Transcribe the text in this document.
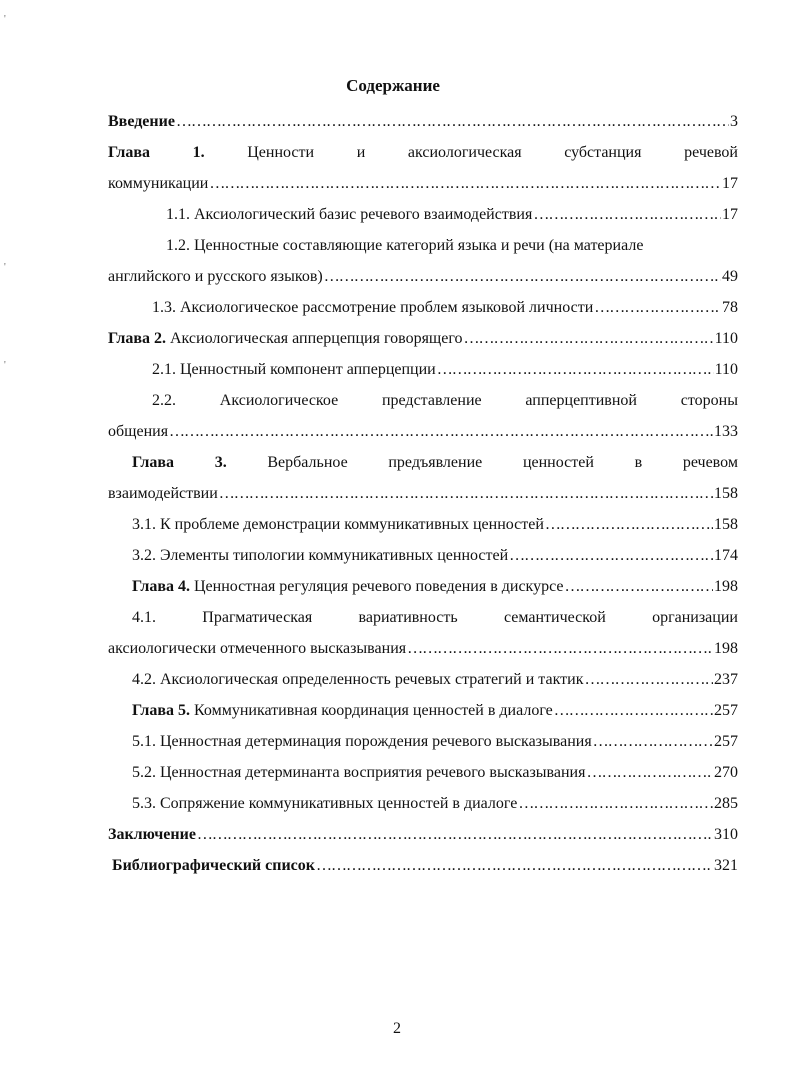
Содержание
Введение ……………………………………………………………………………………………………………………………………………………………………………………	3
Глава	1.	Ценности	и	аксиологическая	субстанция	речевой
коммуникации ……………………………………………………………………………………………………………………………………………………………………………………	17
1.1. Аксиологический базис речевого взаимодействия ……………………………………………………………………………………………………………………………………………………………………………………	17
1.2. Ценностные составляющие категорий языка и речи (на материале
английского и русского языков) ……………………………………………………………………………………………………………………………………………………………………………………	49
1.3. Аксиологическое рассмотрение проблем языковой личности ……………………………………………………………………………………………………………………………………………………………………………………	78
Глава 2. Аксиологическая апперцепция говорящего ……………………………………………………………………………………………………………………………………………………………………………………	110
2.1. Ценностный компонент апперцепции ……………………………………………………………………………………………………………………………………………………………………………………	110
2.2.	Аксиологическое	представление	апперцептивной	стороны
общения ……………………………………………………………………………………………………………………………………………………………………………………	133
Глава	3.	Вербальное	предъявление	ценностей	в	речевом
взаимодействии ……………………………………………………………………………………………………………………………………………………………………………………	158
3.1. К проблеме демонстрации коммуникативных ценностей ……………………………………………………………………………………………………………………………………………………………………………………	158
3.2. Элементы типологии коммуникативных ценностей ……………………………………………………………………………………………………………………………………………………………………………………	174
Глава 4. Ценностная регуляция речевого поведения в дискурсе ……………………………………………………………………………………………………………………………………………………………………………………	198
4.1.	Прагматическая	вариативность	семантической	организации
аксиологически отмеченного высказывания ……………………………………………………………………………………………………………………………………………………………………………………	198
4.2. Аксиологическая определенность речевых стратегий и тактик ……………………………………………………………………………………………………………………………………………………………………………………	237
Глава 5. Коммуникативная координация ценностей в диалоге ……………………………………………………………………………………………………………………………………………………………………………………	257
5.1. Ценностная детерминация порождения речевого высказывания ……………………………………………………………………………………………………………………………………………………………………………………	257
5.2. Ценностная детерминанта восприятия речевого высказывания ……………………………………………………………………………………………………………………………………………………………………………………	270
5.3. Сопряжение коммуникативных ценностей в диалоге ……………………………………………………………………………………………………………………………………………………………………………………	285
Заключение ……………………………………………………………………………………………………………………………………………………………………………………	310
Библиографический список ……………………………………………………………………………………………………………………………………………………………………………………	321
2
'
'
'
